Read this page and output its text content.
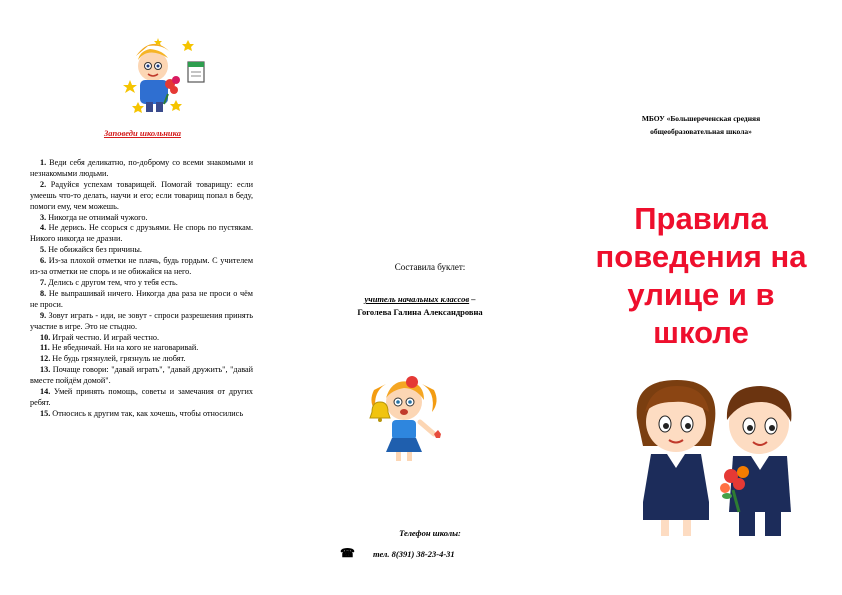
Заповеди школьника
1. Веди себя деликатно, по-доброму со всеми знакомыми и незнакомыми людьми.
2. Радуйся успехам товарищей. Помогай товарищу: если умеешь что-то делать, научи и его; если товарищ попал в беду, помоги ему, чем можешь.
3. Никогда не отнимай чужого.
4. Не дерись. Не ссорься с друзьями. Не спорь по пустякам. Никого никогда не дразни.
5. Не обижайся без причины.
6. Из-за плохой отметки не плачь, будь гордым. С учителем из-за отметки не спорь и не обижайся на него.
7. Делись с другом тем, что у тебя есть.
8. Не выпрашивай ничего. Никогда два раза не проси о чём не проси.
9. Зовут играть - иди, не зовут - спроси разрешения принять участие в игре. Это не стыдно.
10. Играй честно. И играй честно.
11. Не ябедничай. Ни на кого не наговаривай.
12. Не будь грязнулей, грязнуль не любят.
13. Почаще говори: "давай играть", "давай дружить", "давай вместе пойдём домой".
14. Умей принять помощь, советы и замечания от других ребят.
15. Относись к другим так, как хочешь, чтобы относились
Составила буклет:
учитель начальных классов –
Гоголева Галина Александровна
Телефон школы:
☎ тел. 8(391) 38-23-4-31
МБОУ «Большереченская средняя
общеобразовательная школа»
Правила поведения на улице и в школе
